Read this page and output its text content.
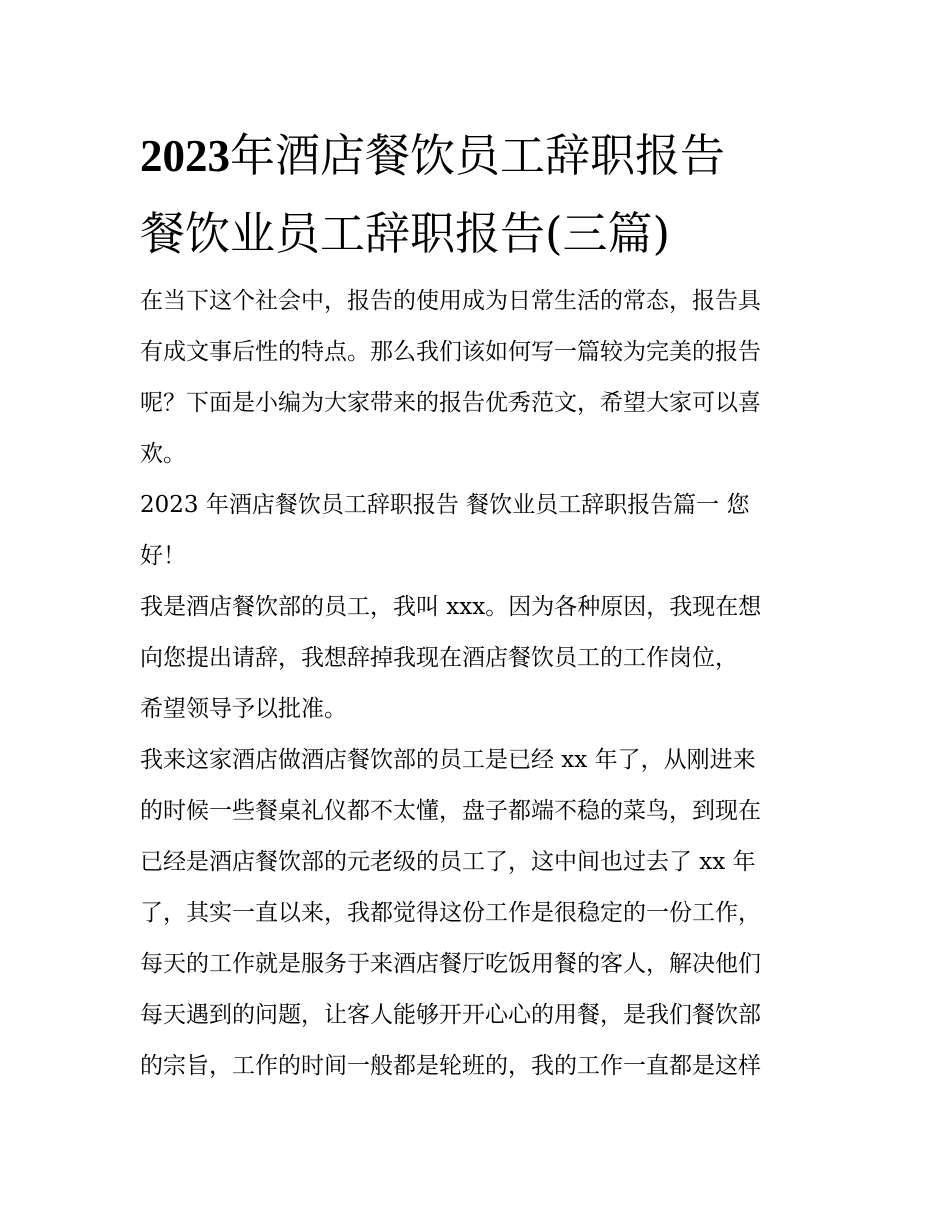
2023年酒店餐饮员工辞职报告
餐饮业员工辞职报告(三篇)
在当下这个社会中，报告的使用成为日常生活的常态，报告具
有成文事后性的特点。那么我们该如何写一篇较为完美的报告
呢？下面是小编为大家带来的报告优秀范文，希望大家可以喜
欢。
2023 年酒店餐饮员工辞职报告 餐饮业员工辞职报告篇一 您
好！
我是酒店餐饮部的员工，我叫 xxx。因为各种原因，我现在想
向您提出请辞，我想辞掉我现在酒店餐饮员工的工作岗位，
希望领导予以批准。
我来这家酒店做酒店餐饮部的员工是已经 xx 年了，从刚进来
的时候一些餐桌礼仪都不太懂，盘子都端不稳的菜鸟，到现在
已经是酒店餐饮部的元老级的员工了，这中间也过去了 xx 年
了，其实一直以来，我都觉得这份工作是很稳定的一份工作，
每天的工作就是服务于来酒店餐厅吃饭用餐的客人，解决他们
每天遇到的问题，让客人能够开开心心的用餐，是我们餐饮部
的宗旨，工作的时间一般都是轮班的，我的工作一直都是这样
